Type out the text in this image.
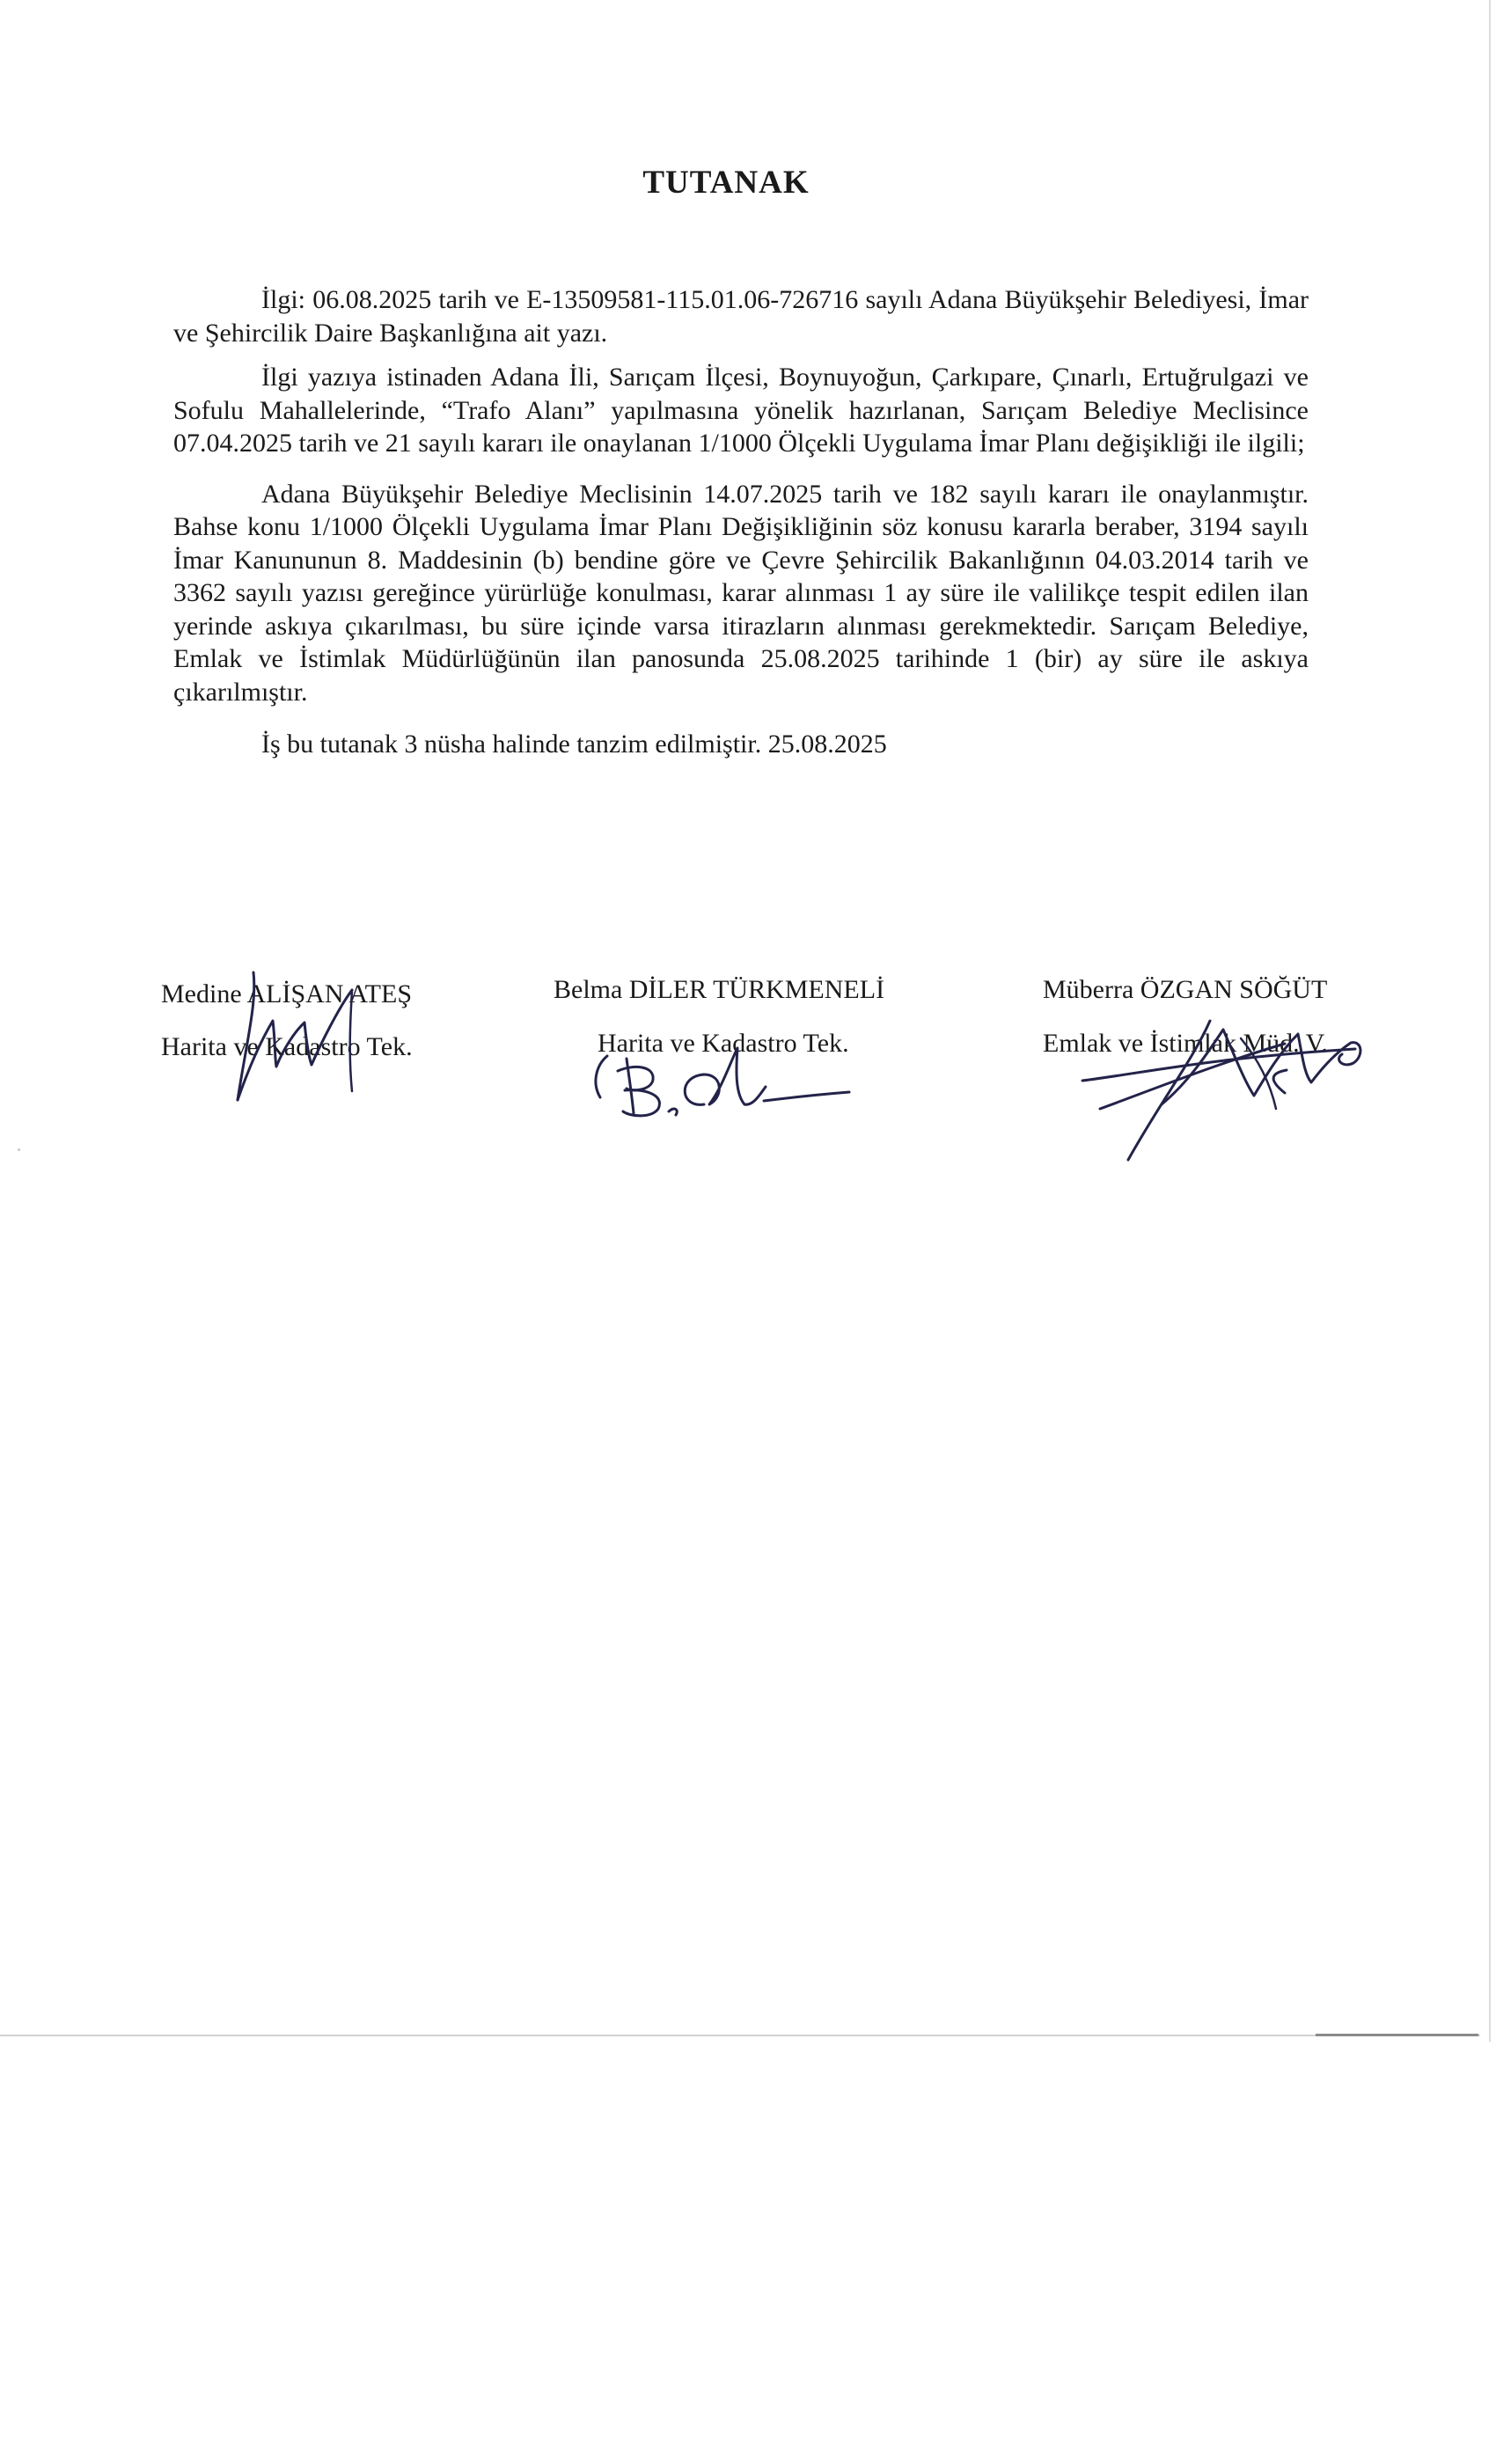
TUTANAK

İlgi: 06.08.2025 tarih ve E-13509581-115.01.06-726716 sayılı Adana Büyükşehir Belediyesi, İmar ve Şehircilik Daire Başkanlığına ait yazı.

İlgi yazıya istinaden Adana İli, Sarıçam İlçesi, Boynuyoğun, Çarkıpare, Çınarlı, Ertuğrulgazi ve Sofulu Mahallelerinde, “Trafo Alanı” yapılmasına yönelik hazırlanan, Sarıçam Belediye Meclisince 07.04.2025 tarih ve 21 sayılı kararı ile onaylanan 1/1000 Ölçekli Uygulama İmar Planı değişikliği ile ilgili;

Adana Büyükşehir Belediye Meclisinin 14.07.2025 tarih ve 182 sayılı kararı ile onaylanmıştır. Bahse konu 1/1000 Ölçekli Uygulama İmar Planı Değişikliğinin söz konusu kararla beraber, 3194 sayılı İmar Kanununun 8. Maddesinin (b) bendine göre ve Çevre Şehircilik Bakanlığının 04.03.2014 tarih ve 3362 sayılı yazısı gereğince yürürlüğe konulması, karar alınması 1 ay süre ile valilikçe tespit edilen ilan yerinde askıya çıkarılması, bu süre içinde varsa itirazların alınması gerekmektedir. Sarıçam Belediye, Emlak ve İstimlak Müdürlüğünün ilan panosunda 25.08.2025 tarihinde 1 (bir) ay süre ile askıya çıkarılmıştır.

İş bu tutanak 3 nüsha halinde tanzim edilmiştir. 25.08.2025

Medine ALİŞAN ATEŞ
Harita ve Kadastro Tek.
Belma DİLER TÜRKMENELİ
Harita ve Kadastro Tek.
Müberra ÖZGAN SÖĞÜT
Emlak ve İstimlak Müd. V.
